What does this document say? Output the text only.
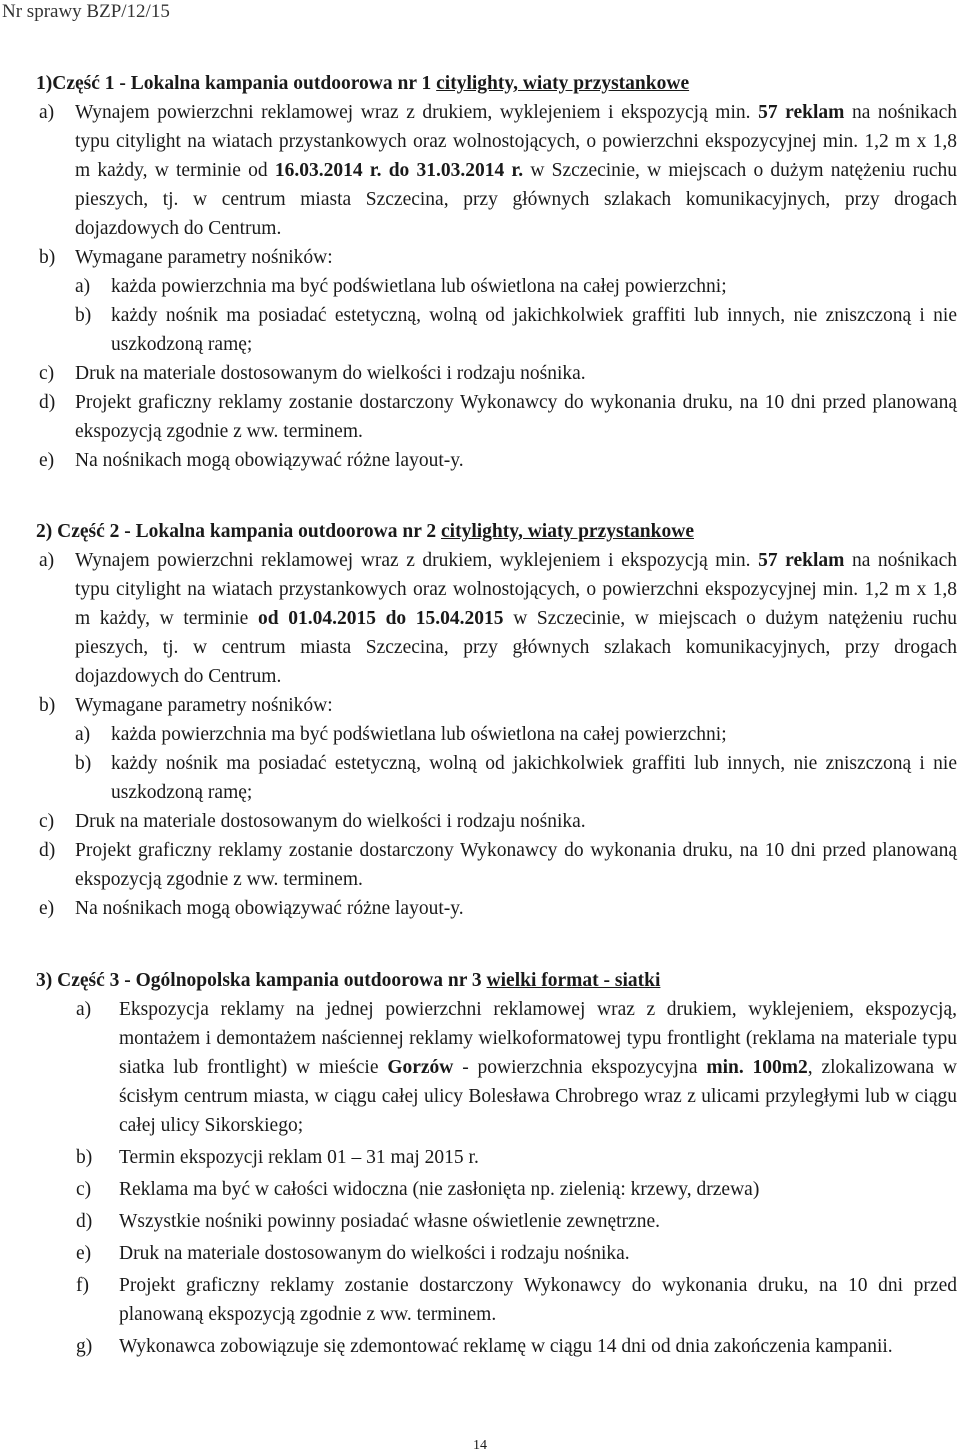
Nr sprawy BZP/12/15
1)Część 1 - Lokalna kampania outdoorowa nr 1 citylighty, wiaty przystankowe
a)	Wynajem powierzchni reklamowej wraz z drukiem, wyklejeniem i ekspozycją min. 57 reklam na nośnikach typu citylight na wiatach przystankowych oraz wolnostojących, o powierzchni ekspozycyjnej min. 1,2 m x 1,8 m każdy, w terminie od 16.03.2014 r. do 31.03.2014 r. w Szczecinie, w miejscach o dużym natężeniu ruchu pieszych, tj. w centrum miasta Szczecina, przy głównych szlakach komunikacyjnych, przy drogach dojazdowych do Centrum.
b)	Wymagane parametry nośników:
a)	każda powierzchnia ma być podświetlana lub oświetlona na całej powierzchni;
b)	każdy nośnik ma posiadać estetyczną, wolną od jakichkolwiek graffiti lub innych, nie zniszczoną i nie uszkodzoną ramę;
c)	Druk na materiale dostosowanym do wielkości i rodzaju nośnika.
d)	Projekt graficzny reklamy zostanie dostarczony Wykonawcy do wykonania druku, na 10 dni przed planowaną ekspozycją zgodnie z ww. terminem.
e)	Na nośnikach mogą obowiązywać różne layout-y.
2) Część 2 - Lokalna kampania outdoorowa nr 2 citylighty, wiaty przystankowe
a)	Wynajem powierzchni reklamowej wraz z drukiem, wyklejeniem i ekspozycją min. 57 reklam na nośnikach typu citylight na wiatach przystankowych oraz wolnostojących, o powierzchni ekspozycyjnej min. 1,2 m x 1,8 m każdy, w terminie od 01.04.2015 do 15.04.2015 w Szczecinie, w miejscach o dużym natężeniu ruchu pieszych, tj. w centrum miasta Szczecina, przy głównych szlakach komunikacyjnych, przy drogach dojazdowych do Centrum.
b)	Wymagane parametry nośników:
a)	każda powierzchnia ma być podświetlana lub oświetlona na całej powierzchni;
b)	każdy nośnik ma posiadać estetyczną, wolną od jakichkolwiek graffiti lub innych, nie zniszczoną i nie uszkodzoną ramę;
c)	Druk na materiale dostosowanym do wielkości i rodzaju nośnika.
d)	Projekt graficzny reklamy zostanie dostarczony Wykonawcy do wykonania druku, na 10 dni przed planowaną ekspozycją zgodnie z ww. terminem.
e)	Na nośnikach mogą obowiązywać różne layout-y.
3) Część 3 - Ogólnopolska kampania outdoorowa nr 3 wielki format - siatki
a)	Ekspozycja reklamy na jednej powierzchni reklamowej wraz z drukiem, wyklejeniem, ekspozycją, montażem i demontażem naściennej reklamy wielkoformatowej typu frontlight (reklama na materiale typu siatka lub frontlight) w mieście Gorzów - powierzchnia ekspozycyjna min. 100m2, zlokalizowana w ścisłym centrum miasta, w ciągu całej ulicy Bolesława Chrobrego wraz z ulicami przyległymi lub w ciągu całej ulicy Sikorskiego;
b)	Termin ekspozycji reklam 01 – 31 maj 2015 r.
c)	Reklama ma być w całości widoczna (nie zasłonięta np. zielenią: krzewy, drzewa)
d)	Wszystkie nośniki powinny posiadać własne oświetlenie zewnętrzne.
e)	Druk na materiale dostosowanym do wielkości i rodzaju nośnika.
f)	Projekt graficzny reklamy zostanie dostarczony Wykonawcy do wykonania druku, na 10 dni przed planowaną ekspozycją zgodnie z ww. terminem.
g)	Wykonawca zobowiązuje się zdemontować reklamę w ciągu 14 dni od dnia zakończenia kampanii.
14
